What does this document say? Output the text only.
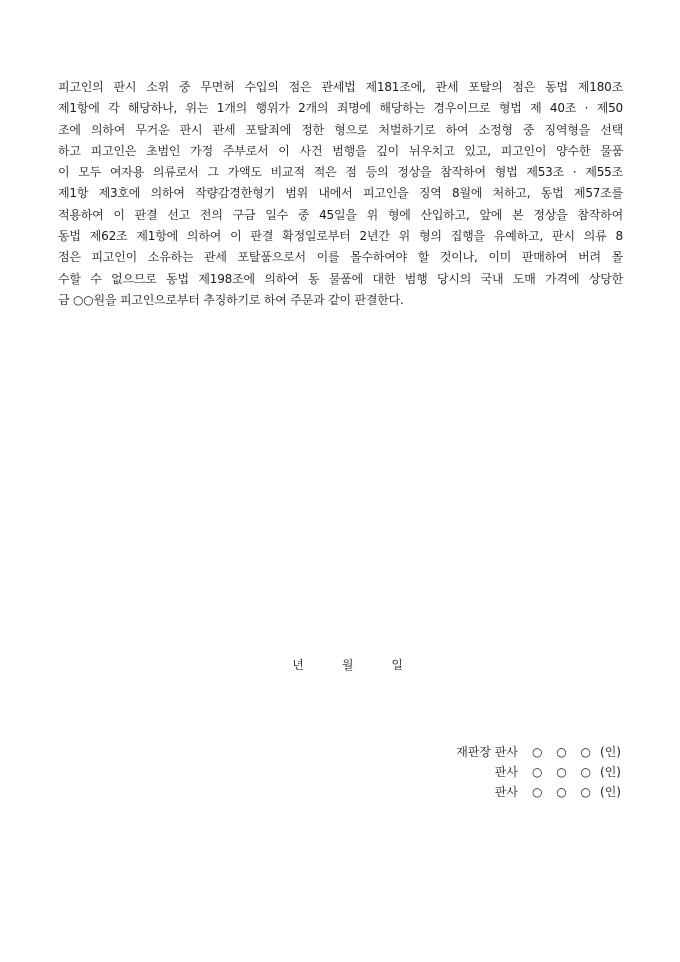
피고인의 판시 소위 중 무면허 수입의 점은 관세법 제181조에, 관세 포탈의 점은 동법 제180조
제1항에 각 해당하나, 위는 1개의 행위가 2개의 죄명에 해당하는 경우이므로 형법 제 40조 · 제50
조에 의하여 무거운 판시 관세 포탈죄에 정한 형으로 처벌하기로 하여 소정형 중 징역형을 선택
하고 피고인은 초범인 가정 주부로서 이 사건 범행을 깊이 뉘우치고 있고, 피고인이 양수한 물품
이 모두 여자용 의류로서 그 가액도 비교적 적은 점 등의 정상을 참작하여 형법 제53조 · 제55조
제1항 제3호에 의하여 작량감경한형기 범위 내에서 피고인을 징역 8월에 처하고, 동법 제57조를
적용하여 이 판결 선고 전의 구금 일수 중 45일을 위 형에 산입하고, 앞에 본 정상을 참작하여
동법 제62조 제1항에 의하여 이 판결 확정일로부터 2년간 위 형의 집행을 유예하고, 판시 의류 8
점은 피고인이 소유하는 관세 포탈품으로서 이를 몰수하여야 할 것이나, 이미 판매하여 버려 몰
수할 수 없으므로 동법 제198조에 의하여 동 물품에 대한 범행 당시의 국내 도매 가격에 상당한
금 ○○원을 피고인으로부터 추징하기로 하여 주문과 같이 판결한다.

년	월	일

재판장 판사 ○ ○ ○ (인)
판사 ○ ○ ○ (인)
판사 ○ ○ ○ (인)
